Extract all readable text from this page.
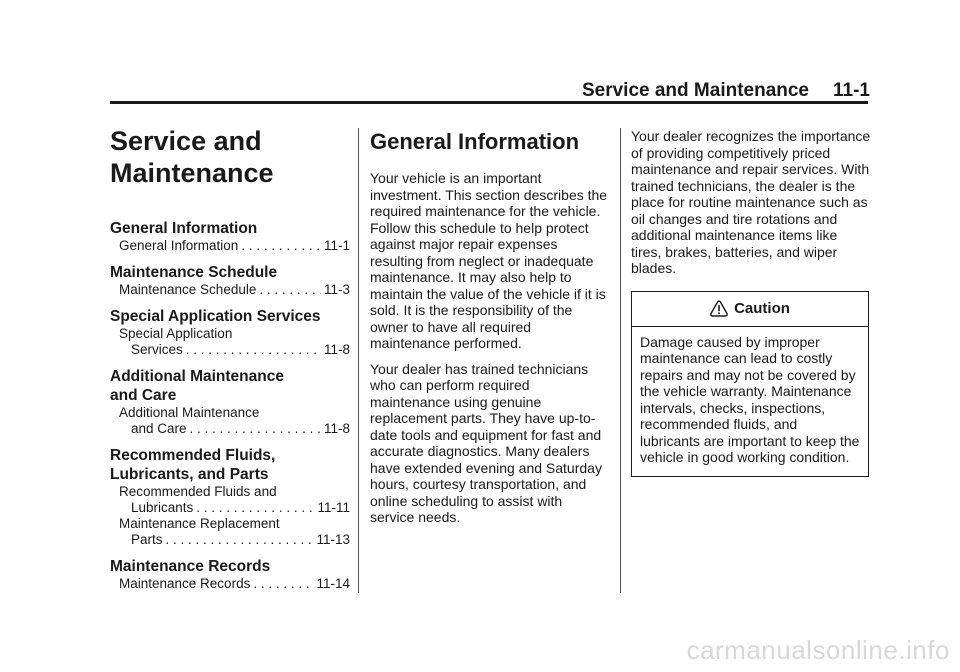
Service and Maintenance 11-1
Service and
Maintenance
General Information
General Information . . .	11-1
Maintenance Schedule
Maintenance Schedule . . .	11-3
Special Application Services
Special Application
Services . . .	11-8
Additional Maintenance
and Care
Additional Maintenance
and Care . . .	11-8
Recommended Fluids,
Lubricants, and Parts
Recommended Fluids and
Lubricants . . .	11-11
Maintenance Replacement
Parts . . .	11-13
Maintenance Records
Maintenance Records . . .	11-14
General Information

Your vehicle is an important investment. This section describes the required maintenance for the vehicle. Follow this schedule to help protect against major repair expenses resulting from neglect or inadequate maintenance. It may also help to maintain the value of the vehicle if it is sold. It is the responsibility of the owner to have all required maintenance performed.

Your dealer has trained technicians who can perform required maintenance using genuine replacement parts. They have up-to-date tools and equipment for fast and accurate diagnostics. Many dealers have extended evening and Saturday hours, courtesy transportation, and online scheduling to assist with service needs.

Your dealer recognizes the importance of providing competitively priced maintenance and repair services. With trained technicians, the dealer is the place for routine maintenance such as oil changes and tire rotations and additional maintenance items like tires, brakes, batteries, and wiper blades.

Caution
Damage caused by improper maintenance can lead to costly repairs and may not be covered by the vehicle warranty. Maintenance intervals, checks, inspections, recommended fluids, and lubricants are important to keep the vehicle in good working condition.
carmanualsonline.info
